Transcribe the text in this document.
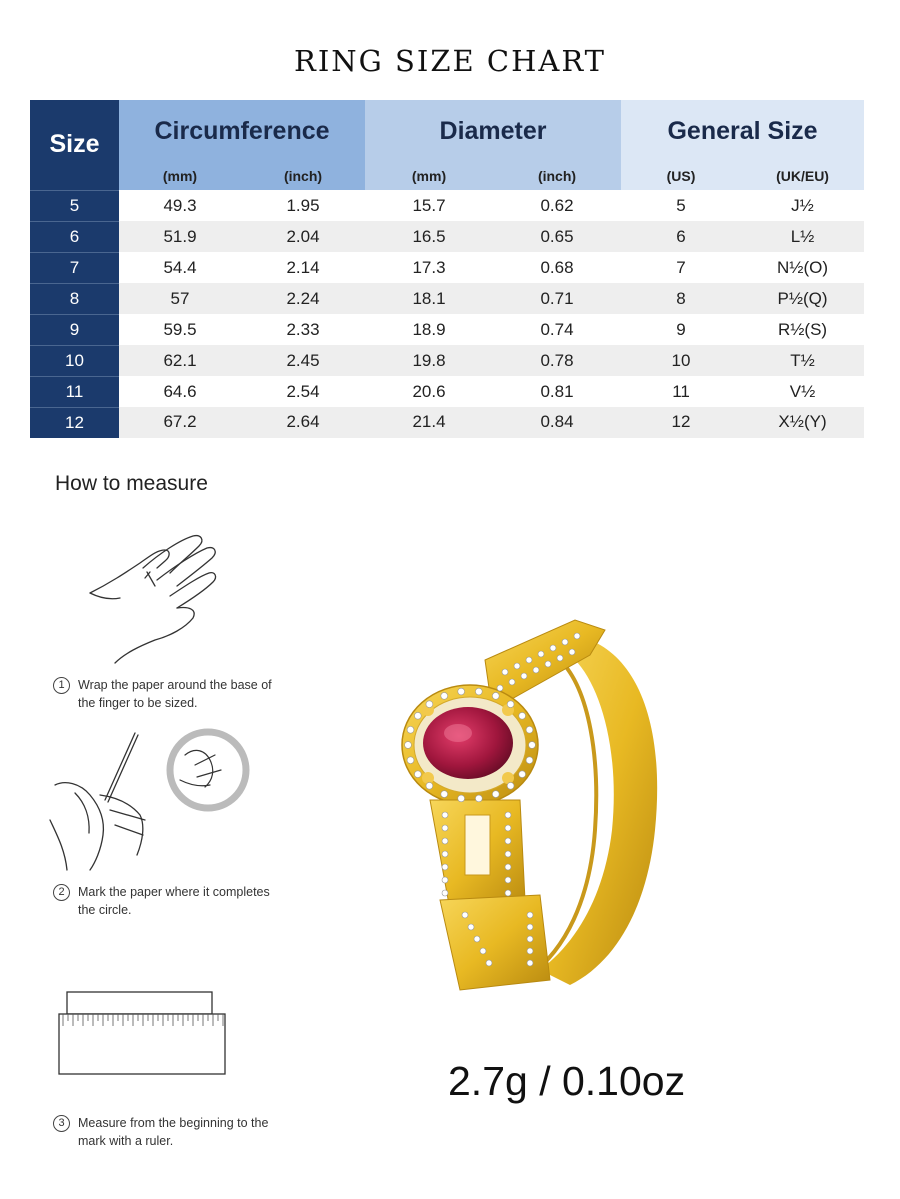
RING SIZE CHART
Size	Circumference		Diameter		General Size	
	(mm)	(inch)	(mm)	(inch)	(US)	(UK/EU)
5	49.3	1.95	15.7	0.62	5	J½
6	51.9	2.04	16.5	0.65	6	L½
7	54.4	2.14	17.3	0.68	7	N½(O)
8	57	2.24	18.1	0.71	8	P½(Q)
9	59.5	2.33	18.9	0.74	9	R½(S)
10	62.1	2.45	19.8	0.78	10	T½
11	64.6	2.54	20.6	0.81	11	V½
12	67.2	2.64	21.4	0.84	12	X½(Y)
How to measure
1	Wrap the paper around the base of the finger to be sized.
2	Mark the paper where it completes the circle.
3	Measure from the beginning to the mark with a ruler.
2.7g / 0.10oz
